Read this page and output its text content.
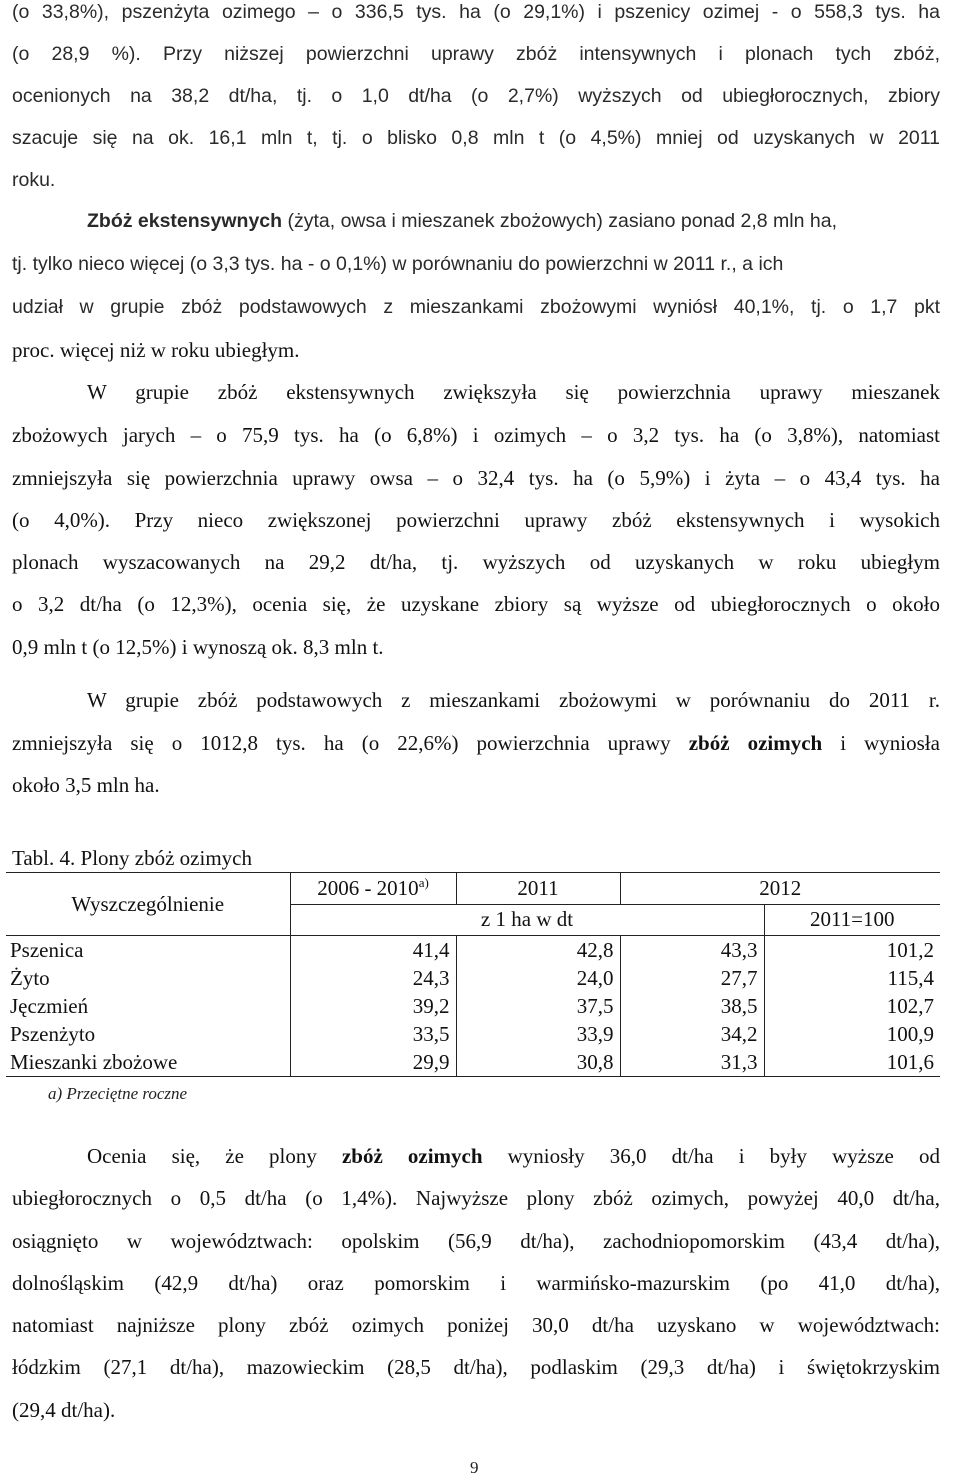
(o 33,8%), pszenżyta ozimego – o 336,5 tys. ha (o 29,1%) i pszenicy ozimej - o 558,3 tys. ha
(o 28,9 %). Przy niższej powierzchni uprawy zbóż intensywnych i plonach tych zbóż,
ocenionych na 38,2 dt/ha, tj. o 1,0 dt/ha (o 2,7%) wyższych od ubiegłorocznych, zbiory
szacuje się na ok. 16,1 mln t, tj. o blisko 0,8 mln t (o 4,5%) mniej od uzyskanych w 2011
roku.
Zbóż ekstensywnych (żyta, owsa i mieszanek zbożowych) zasiano ponad 2,8 mln ha,
tj. tylko nieco więcej (o 3,3 tys. ha - o 0,1%) w porównaniu do powierzchni w 2011 r., a ich
udział w grupie zbóż podstawowych z mieszankami zbożowymi wyniósł 40,1%, tj. o 1,7 pkt
proc. więcej niż w roku ubiegłym.
W grupie zbóż ekstensywnych zwiększyła się powierzchnia uprawy mieszanek
zbożowych jarych – o 75,9 tys. ha (o 6,8%) i ozimych – o 3,2 tys. ha (o 3,8%), natomiast
zmniejszyła się powierzchnia uprawy owsa – o 32,4 tys. ha (o 5,9%) i żyta – o 43,4 tys. ha
(o 4,0%). Przy nieco zwiększonej powierzchni uprawy zbóż ekstensywnych i wysokich
plonach wyszacowanych na 29,2 dt/ha, tj. wyższych od uzyskanych w roku ubiegłym
o 3,2 dt/ha (o 12,3%), ocenia się, że uzyskane zbiory są wyższe od ubiegłorocznych o około
0,9 mln t (o 12,5%) i wynoszą ok. 8,3 mln t.
W grupie zbóż podstawowych z mieszankami zbożowymi w porównaniu do 2011 r.
zmniejszyła się o 1012,8 tys. ha (o 22,6%) powierzchnia uprawy zbóż ozimych i wyniosła
około 3,5 mln ha.
Tabl. 4. Plony zbóż ozimych
Wyszczególnienie	2006 - 2010$^{a)}$	2011	2012	
	z 1 ha w dt			2011=100
Pszenica	41,4	42,8	43,3	101,2
Żyto	24,3	24,0	27,7	115,4
Jęczmień	39,2	37,5	38,5	102,7
Pszenżyto	33,5	33,9	34,2	100,9
Mieszanki zbożowe	29,9	30,8	31,3	101,6
a) Przeciętne roczne
Ocenia się, że plony zbóż ozimych wyniosły 36,0 dt/ha i były wyższe od
ubiegłorocznych o 0,5 dt/ha (o 1,4%). Najwyższe plony zbóż ozimych, powyżej 40,0 dt/ha,
osiągnięto w województwach: opolskim (56,9 dt/ha), zachodniopomorskim (43,4 dt/ha),
dolnośląskim (42,9 dt/ha) oraz pomorskim i warmińsko-mazurskim (po 41,0 dt/ha),
natomiast najniższe plony zbóż ozimych poniżej 30,0 dt/ha uzyskano w województwach:
łódzkim (27,1 dt/ha), mazowieckim (28,5 dt/ha), podlaskim (29,3 dt/ha) i świętokrzyskim
(29,4 dt/ha).
9
